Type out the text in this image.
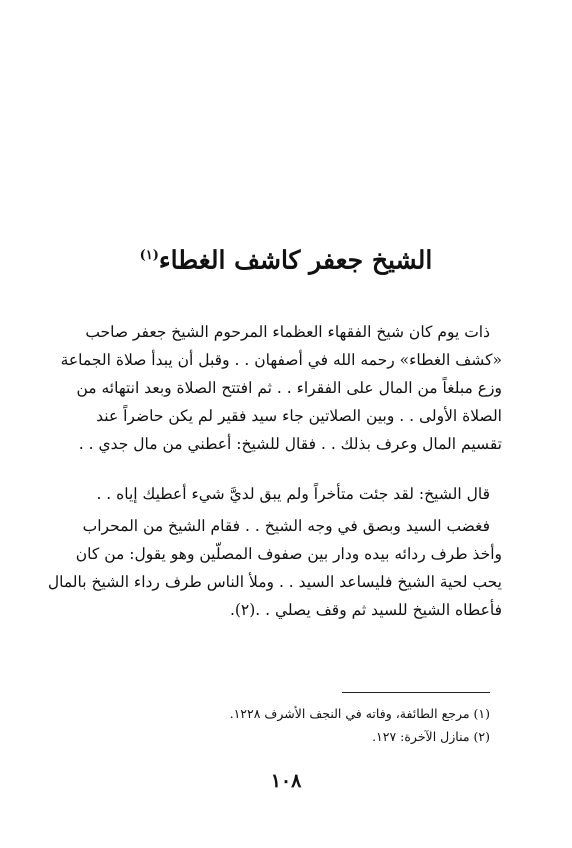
الشيخ جعفر كاشف الغطاء$^{(١)}$

ذات يوم كان شيخ الفقهاء العظماء المرحوم الشيخ جعفر صاحب
«كشف الغطاء» رحمه الله في أصفهان . . وقبل أن يبدأ صلاة الجماعة
وزع مبلغاً من المال على الفقراء . . ثم افتتح الصلاة وبعد انتهائه من
الصلاة الأولى . . وبين الصلاتين جاء سيد فقير لم يكن حاضراً عند
تقسيم المال وعرف بذلك . . فقال للشيخ: أعطني من مال جدي . .

قال الشيخ: لقد جئت متأخراً ولم يبق لديَّ شيء أعطيك إياه . .

فغضب السيد وبصق في وجه الشيخ . . فقام الشيخ من المحراب
وأخذ طرف ردائه بيده ودار بين صفوف المصلّين وهو يقول: من كان
يحب لحية الشيخ فليساعد السيد . . وملأ الناس طرف رداء الشيخ بالمال
فأعطاه الشيخ للسيد ثم وقف يصلي . .(٢).

(١) مرجع الطائفة، وفاته في النجف الأشرف ١٢٢٨.
(٢) منازل الآخرة: ١٢٧.
١٠٨
